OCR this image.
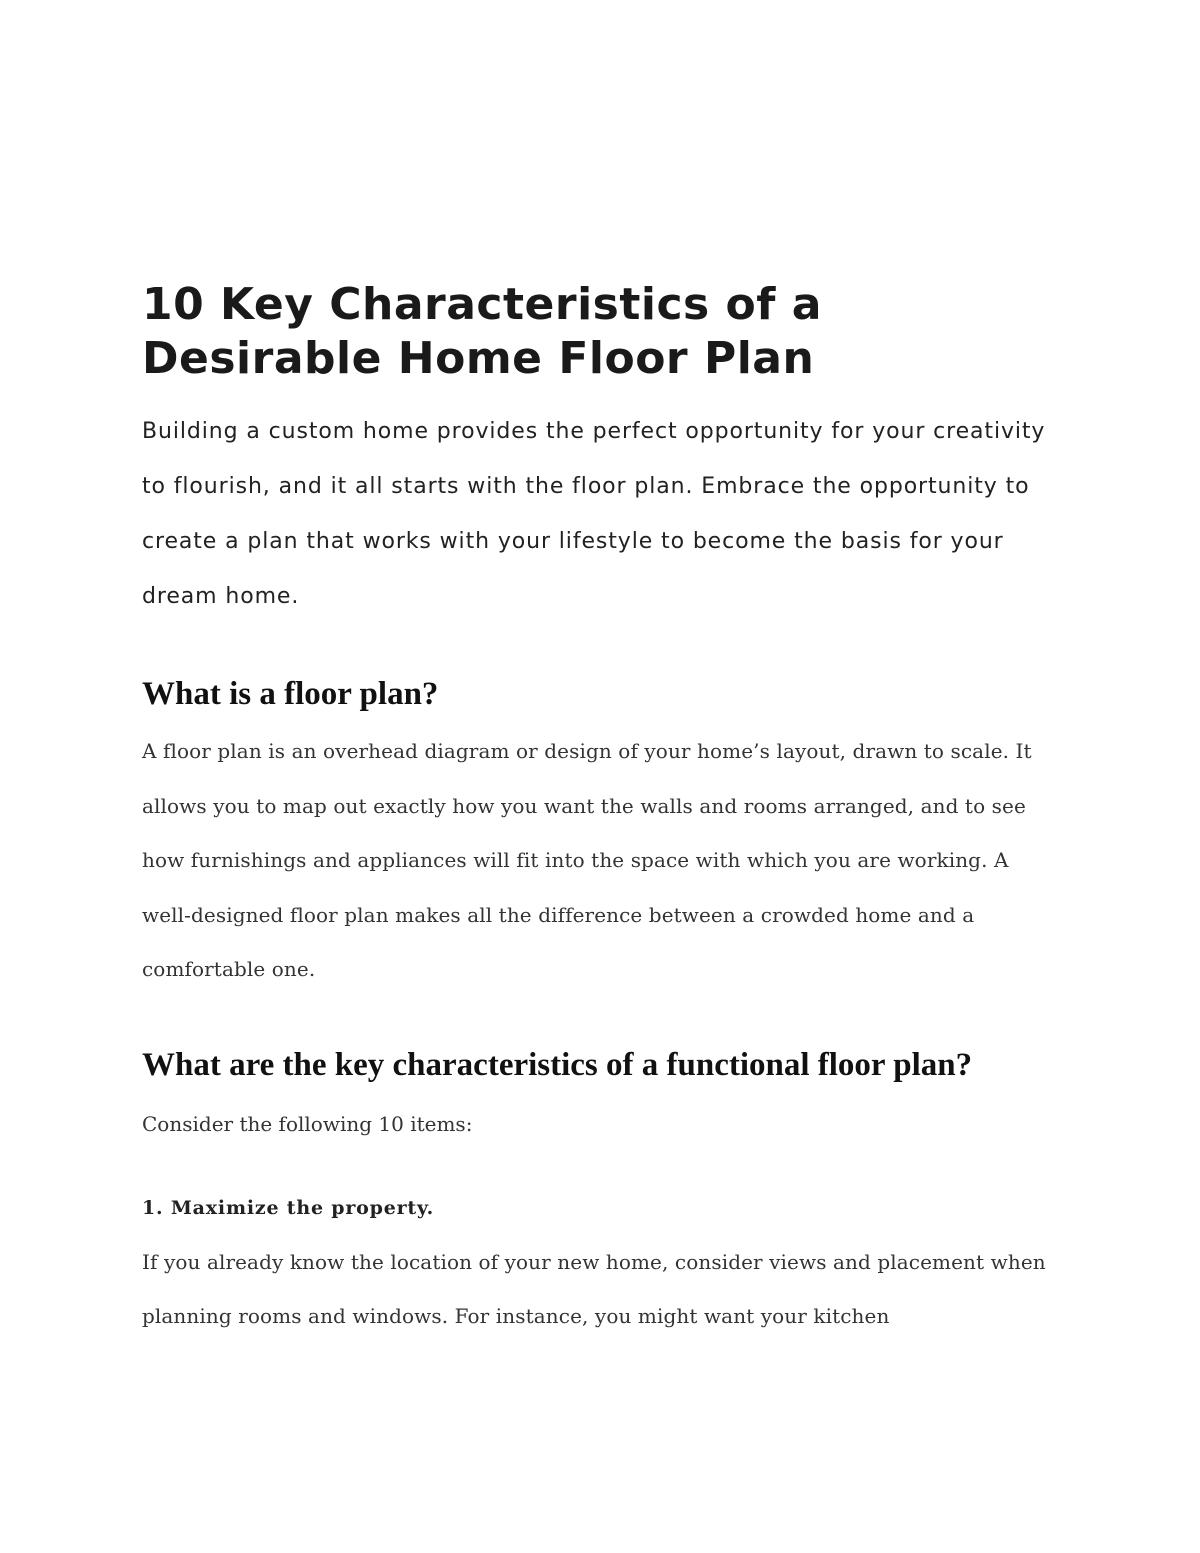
10 Key Characteristics of a
Desirable Home Floor Plan

Building a custom home provides the perfect opportunity for your creativity to flourish, and it all starts with the floor plan. Embrace the opportunity to create a plan that works with your lifestyle to become the basis for your dream home.

What is a floor plan?

A floor plan is an overhead diagram or design of your home’s layout, drawn to scale. It allows you to map out exactly how you want the walls and rooms arranged, and to see how furnishings and appliances will fit into the space with which you are working. A well-designed floor plan makes all the difference between a crowded home and a comfortable one.

What are the key characteristics of a functional floor plan?

Consider the following 10 items:

1. Maximize the property.

If you already know the location of your new home, consider views and placement when planning rooms and windows. For instance, you might want your kitchen
